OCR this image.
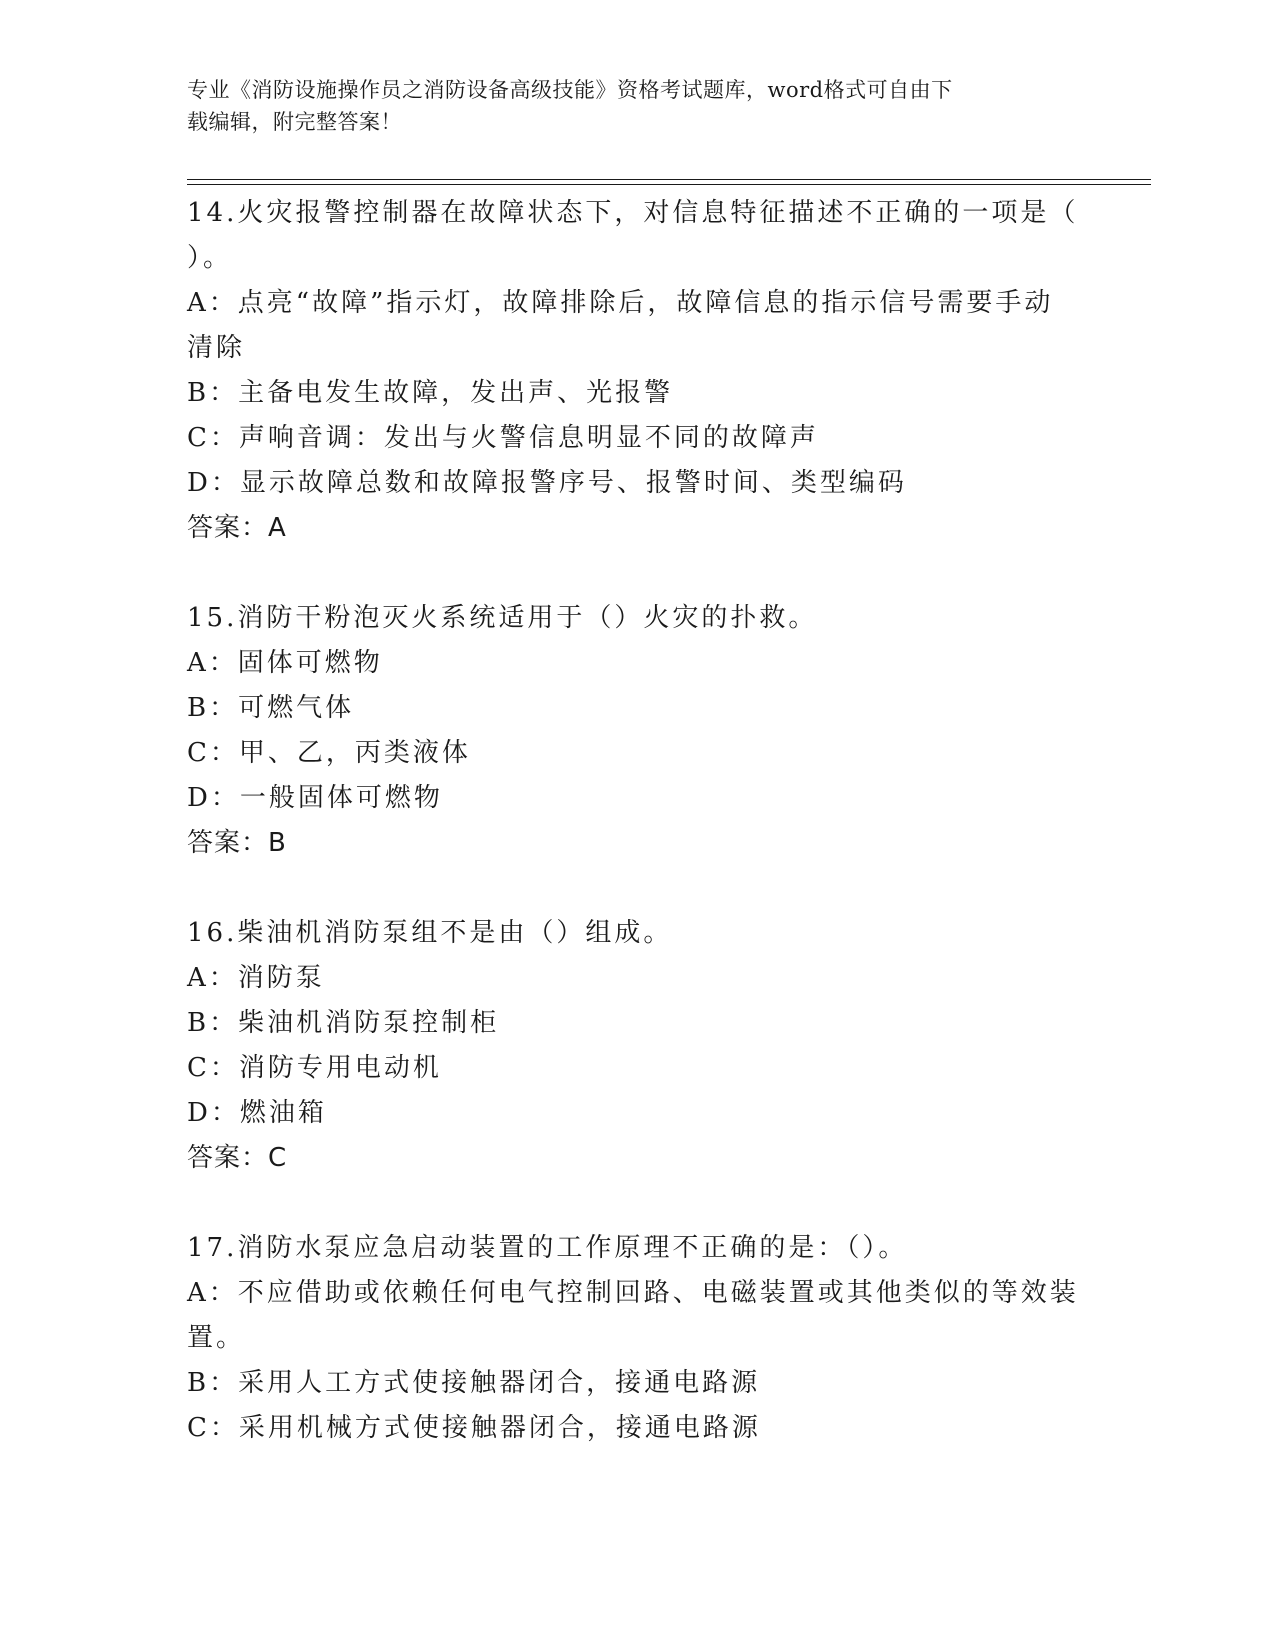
专业《消防设施操作员之消防设备高级技能》资格考试题库，word格式可自由下
载编辑，附完整答案！
14.火灾报警控制器在故障状态下，对信息特征描述不正确的一项是（
）。
A：点亮“故障”指示灯，故障排除后，故障信息的指示信号需要手动
清除
B：主备电发生故障，发出声、光报警
C：声响音调：发出与火警信息明显不同的故障声
D：显示故障总数和故障报警序号、报警时间、类型编码
答案：A
15.消防干粉泡灭火系统适用于（）火灾的扑救。
A：固体可燃物
B：可燃气体
C：甲、乙，丙类液体
D：一般固体可燃物
答案：B
16.柴油机消防泵组不是由（）组成。
A：消防泵
B：柴油机消防泵控制柜
C：消防专用电动机
D：燃油箱
答案：C
17.消防水泵应急启动装置的工作原理不正确的是：（）。
A：不应借助或依赖任何电气控制回路、电磁装置或其他类似的等效装
置。
B：采用人工方式使接触器闭合，接通电路源
C：采用机械方式使接触器闭合，接通电路源
